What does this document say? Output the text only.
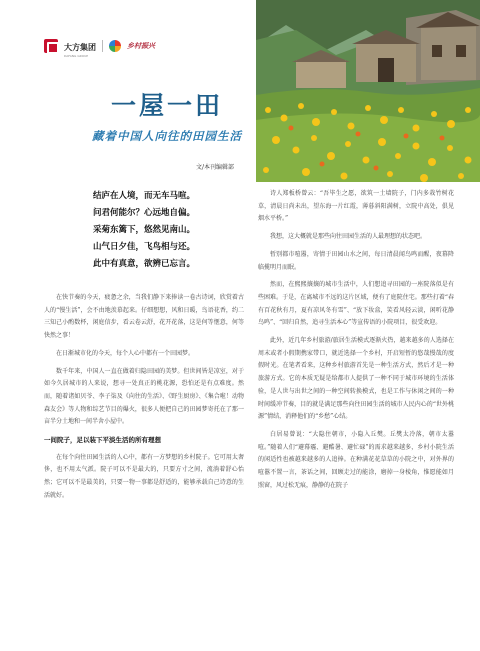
大方集团
DAFANG GROUP
乡村振兴
一屋一田
藏着中国人向往的田园生活
文/本刊编辑部
结庐在人境，而无车马喧。
问君何能尔？心远地自偏。
采菊东篱下，悠然见南山。
山气日夕佳，飞鸟相与还。
此中有真意，欲辨已忘言。

在快节奏的今天，疲惫之余，当我们静下来捧读一卷古诗词，欣赏着古人的“慢生活”，会不由地羡慕起来。仔细想想，风和日暖，鸟语花香，约二三知己小酌数杯，闲庭信步，看云卷云舒，花开花落，这是何等惬意，何等快然之事！

在日渐城市化的今天，每个人心中都有一个田园梦。

数千年来，中国人一直在做着归隐田园的美梦。但世间皆是凉室，对于如今久居城市的人来说，想寻一处真正的桃花源，恐怕还是有点难度。然而，随着诸如贝爷、李子柒及《向往的生活》、《野生厨房》、《集合啦！动物森友会》等人物和综艺节目的爆火，很多人便把自己的田园梦寄托在了那一亩半分土地和一间半舍小屋中。

一间院子，足以装下平淡生活的所有理想

在每个向往田园生活的人心中，都有一方梦想的乡村院子。它可用太奢侈，也不用太气派。院子可以不是最大的，只要方寸之间，流淌着舒心怡然；它可以不是最美的，只要一物一事都是舒适的，能够承载自己诗意的生活就好。

诗人郑板桥曾云：“吾毕生之愿，欲筑一土墙院子，门内多栽竹树花草，清晨日尚未出，望东海一片红霞，薄暮斜阳满树，立院中高处，俱见烟水平桥。”

我想，这大概就是那些向往田园生活的人最理想的状态吧。

暂别都市喧嚣，寄情于田园山水之间，每日清晨闻鸟鸣而醒，夜幕降临揽明月而眠。

然而，在熙熙攘攘的城市生活中，人们想追寻田园的一座院落似是有些困难。于是，在离城市不远的这片区域，便有了庭院住宅。那些打着“春有百花秋有月，夏有凉风冬有雪”、“放下妆盒，笑看风轻云淡，闲听花静鸟鸣”、“回归自然，追寻生活本心”等宣传语的小院项目，很受欢迎。

此外，近几年乡村旅游/旅居生活模式逐渐火热，越来越多的人选择在周末或者小假期携家带口，就近选择一个乡村，开启短暂的悠哉慢哉的度假时光。在笔者看来，这种乡村旅游首先是一种生活方式，然后才是一种旅游方式。它的本质无疑是给都市人提供了一种不同于城市环境的生活体验，是人世与出世之间的一种空间转换模式，也是工作与休闲之间的一种时间缓冲节奏，目的就是满足那些向往田园生活的城市人民内心的“世外桃源”情结，消释他们的“乡愁”心结。

白居易曾说：“大隐住朝市，小隐入丘樊。丘樊太冷落，朝市太嚣喧。”随着人们“避幕霾、避酷暑、避忙碌”的需求越来越多，乡村小院生活的闲适性也被越来越多的人追捧。在种满花花草草的小院之中，对外界的喧嚣不置一言，茶话之间，回顾走过的能涂，磨掉一身棱角，惟愿能如月照窗，风过松无痕，静静的在院子
